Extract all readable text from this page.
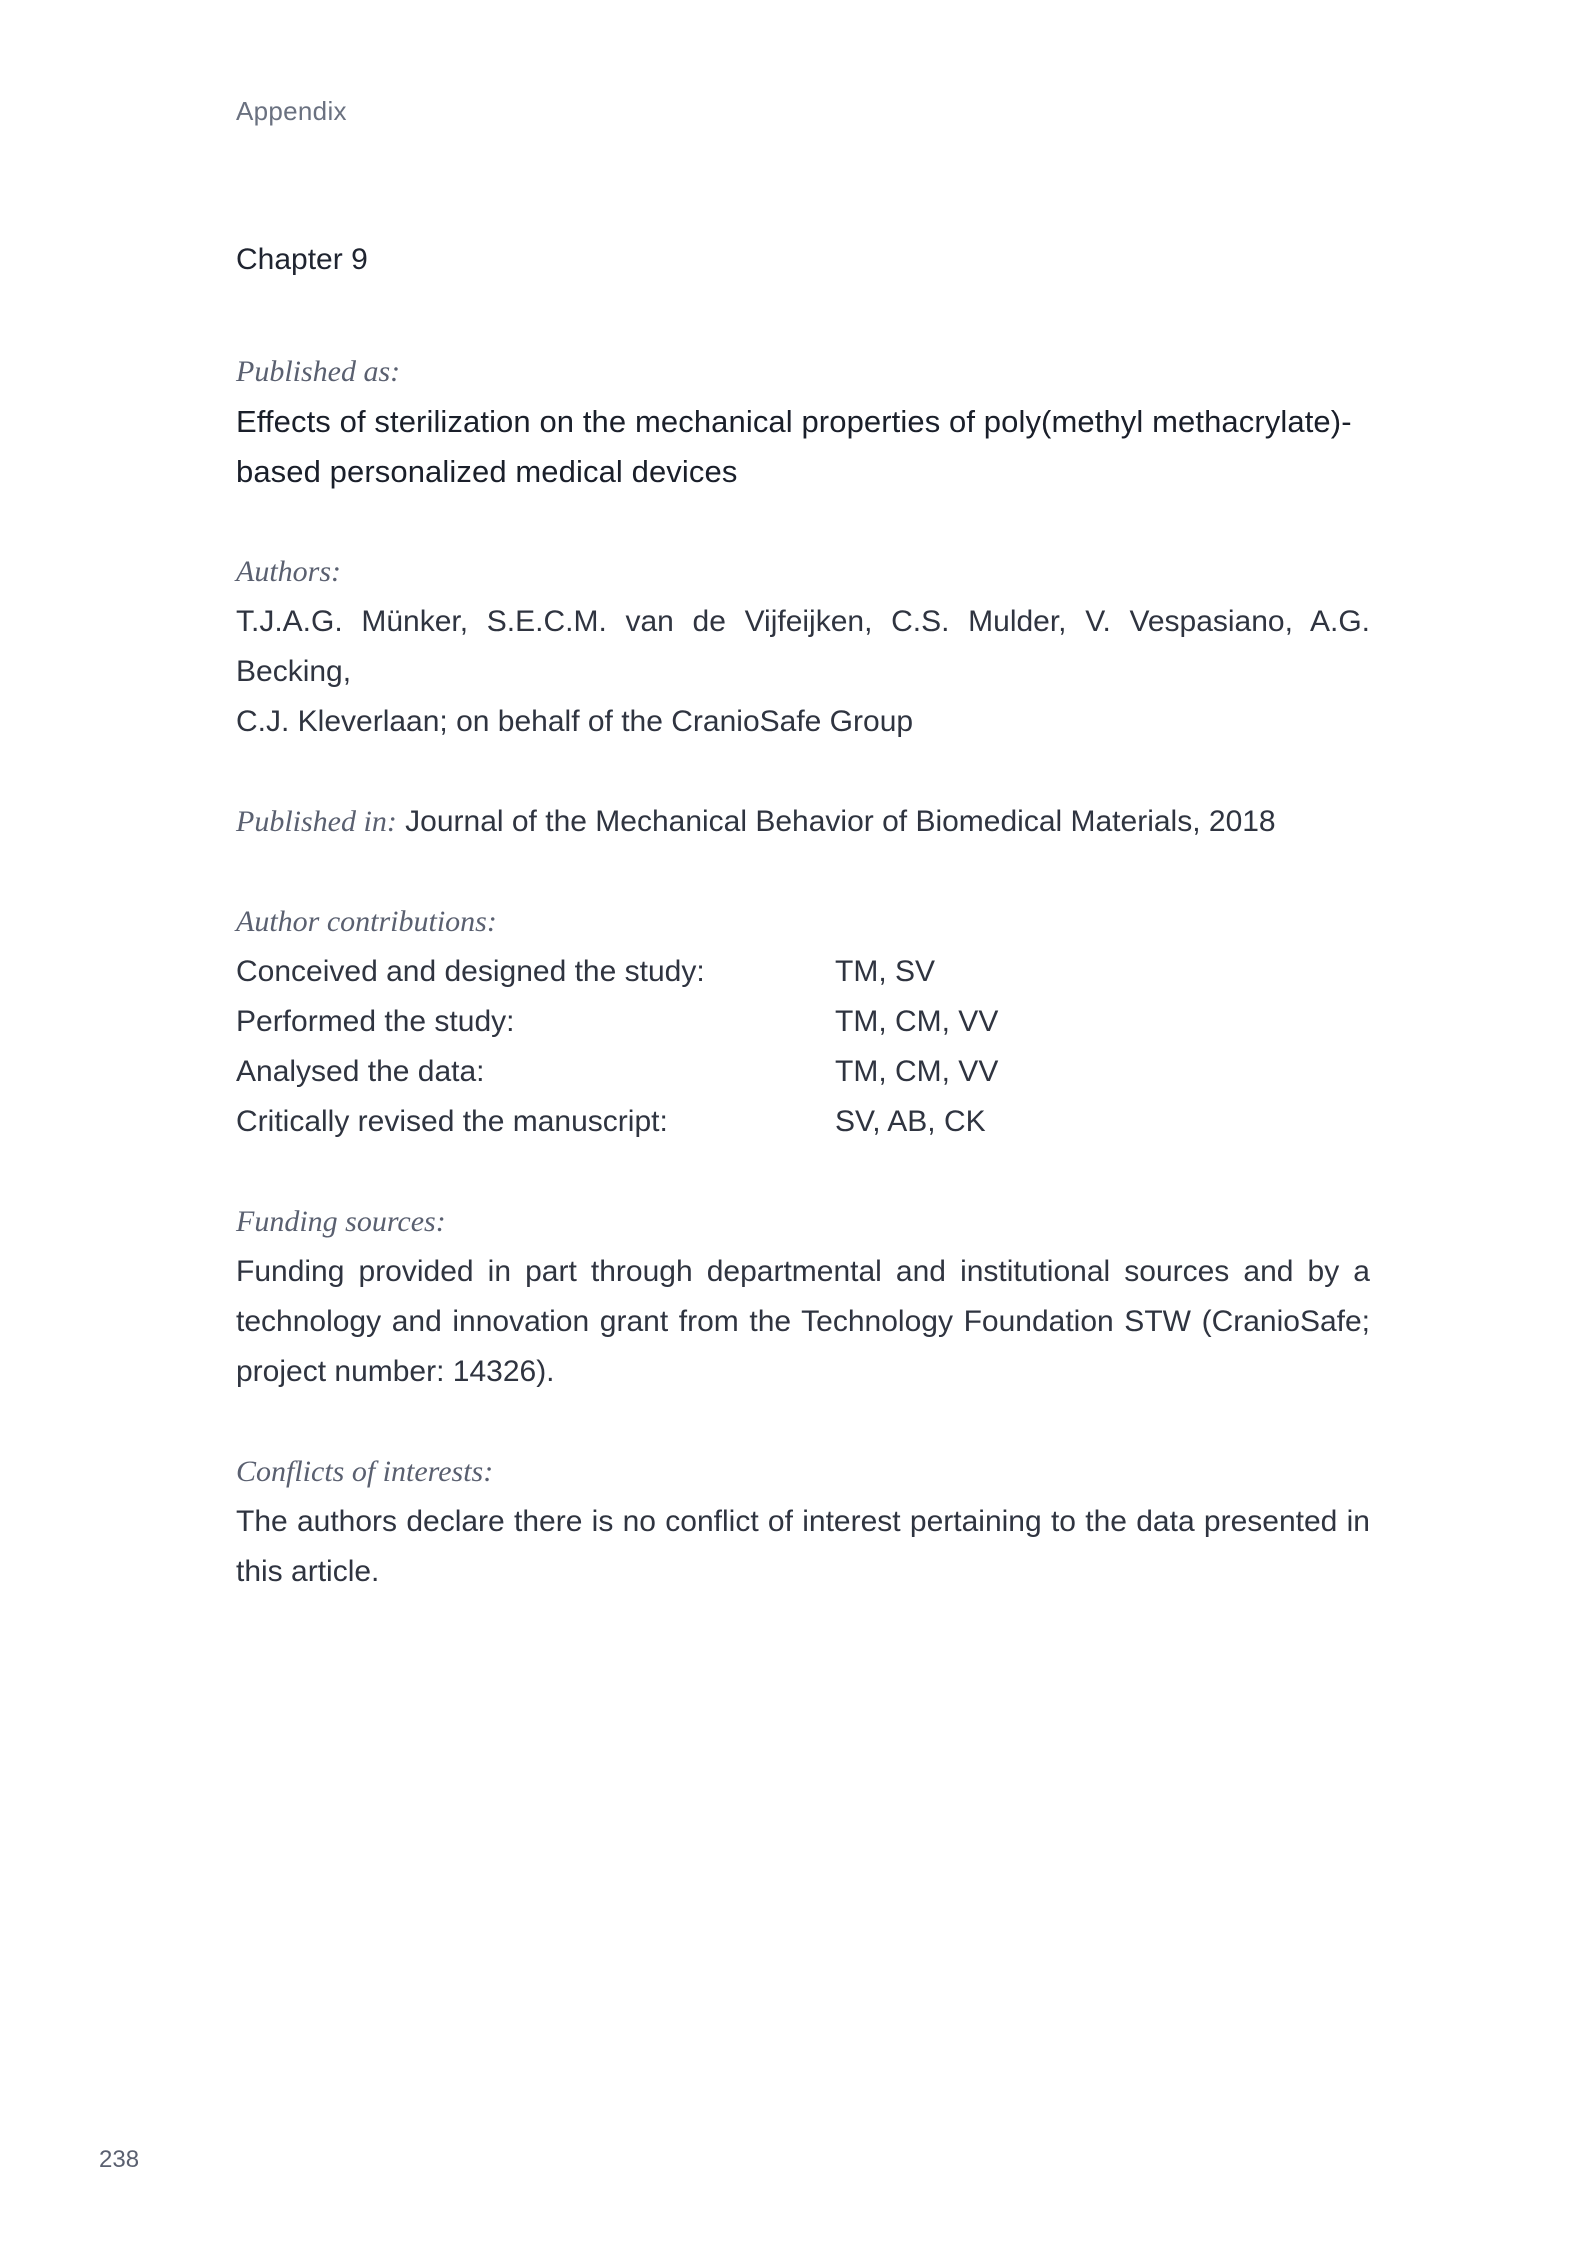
Appendix
Chapter 9
Published as:
Effects of sterilization on the mechanical properties of poly(methyl methacrylate)-
based personalized medical devices
Authors:
T.J.A.G. Münker, S.E.C.M. van de Vijfeijken, C.S. Mulder, V. Vespasiano, A.G. Becking,
C.J. Kleverlaan; on behalf of the CranioSafe Group
Published in: Journal of the Mechanical Behavior of Biomedical Materials, 2018
Author contributions:
Conceived and designed the study:	TM, SV
Performed the study:	TM, CM, VV
Analysed the data:	TM, CM, VV
Critically revised the manuscript:	SV, AB, CK
Funding sources:
Funding provided in part through departmental and institutional sources and by a
technology and innovation grant from the Technology Foundation STW (CranioSafe;
project number: 14326).
Conflicts of interests:
The authors declare there is no conflict of interest pertaining to the data presented in
this article.
238
